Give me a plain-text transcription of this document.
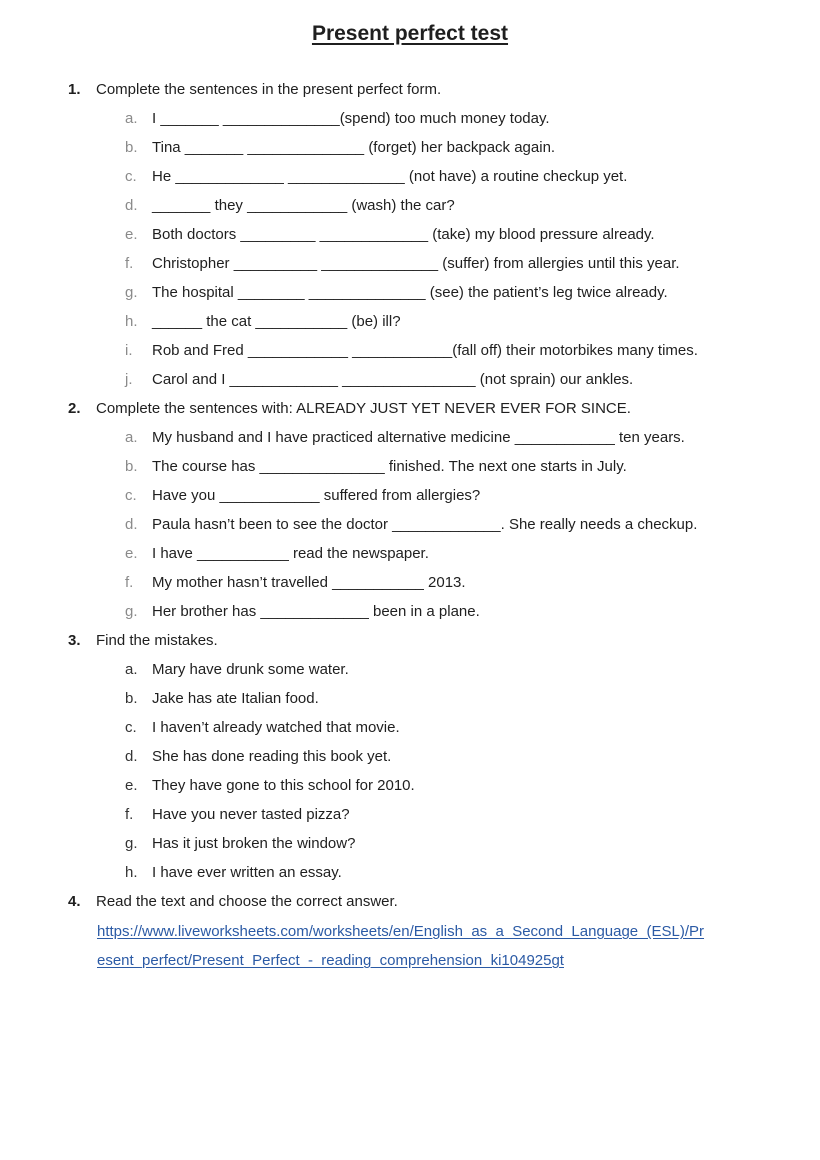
Present perfect test
1. Complete the sentences in the present perfect form.
a. I _______ ______________(spend) too much money today.
b. Tina _______ ______________ (forget) her backpack again.
c. He _____________ ______________ (not have) a routine checkup yet.
d. _______ they ____________ (wash) the car?
e. Both doctors _________ _____________ (take) my blood pressure already.
f. Christopher __________ ______________ (suffer) from allergies until this year.
g. The hospital ________ ______________ (see) the patient’s leg twice already.
h. ______ the cat ___________ (be) ill?
i. Rob and Fred ____________ ____________(fall off) their motorbikes many times.
j. Carol and I _____________ ________________ (not sprain) our ankles.
2. Complete the sentences with: ALREADY JUST YET NEVER EVER FOR SINCE.
a. My husband and I have practiced alternative medicine ____________ ten years.
b. The course has _______________ finished. The next one starts in July.
c. Have you ____________ suffered from allergies?
d. Paula hasn’t been to see the doctor _____________. She really needs a checkup.
e. I have ___________ read the newspaper.
f. My mother hasn’t travelled ___________ 2013.
g. Her brother has _____________ been in a plane.
3. Find the mistakes.
a. Mary have drunk some water.
b. Jake has ate Italian food.
c. I haven’t already watched that movie.
d. She has done reading this book yet.
e. They have gone to this school for 2010.
f. Have you never tasted pizza?
g. Has it just broken the window?
h. I have ever written an essay.
4. Read the text and choose the correct answer.
https://www.liveworksheets.com/worksheets/en/English_as_a_Second_Language_(ESL)/Pr
esent_perfect/Present_Perfect_-_reading_comprehension_ki104925gt
